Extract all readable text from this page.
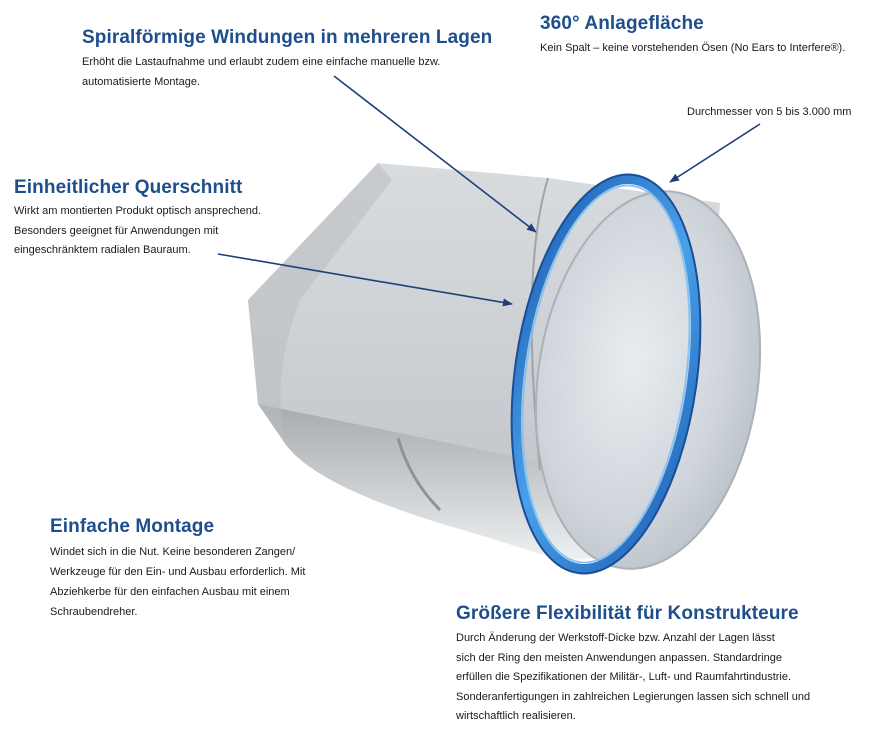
Spiralförmige Windungen in mehreren Lagen

Erhöht die Lastaufnahme und erlaubt zudem eine einfache manuelle bzw.
automatisierte Montage.

360° Anlagefläche

Kein Spalt – keine vorstehenden Ösen (No Ears to Interfere®).

Durchmesser von 5 bis 3.000 mm

Einheitlicher Querschnitt

Wirkt am montierten Produkt optisch ansprechend.
Besonders geeignet für Anwendungen mit
eingeschränktem radialen Bauraum.

Einfache Montage

Windet sich in die Nut. Keine besonderen Zangen/
Werkzeuge für den Ein- und Ausbau erforderlich. Mit
Abziehkerbe für den einfachen Ausbau mit einem
Schraubendreher.	Größere Flexibilität für Konstrukteure

Durch Änderung der Werkstoff-Dicke bzw. Anzahl der Lagen lässt
sich der Ring den meisten Anwendungen anpassen. Standardringe
erfüllen die Spezifikationen der Militär-, Luft- und Raumfahrtindustrie.
Sonderanfertigungen in zahlreichen Legierungen lassen sich schnell und
wirtschaftlich realisieren.
